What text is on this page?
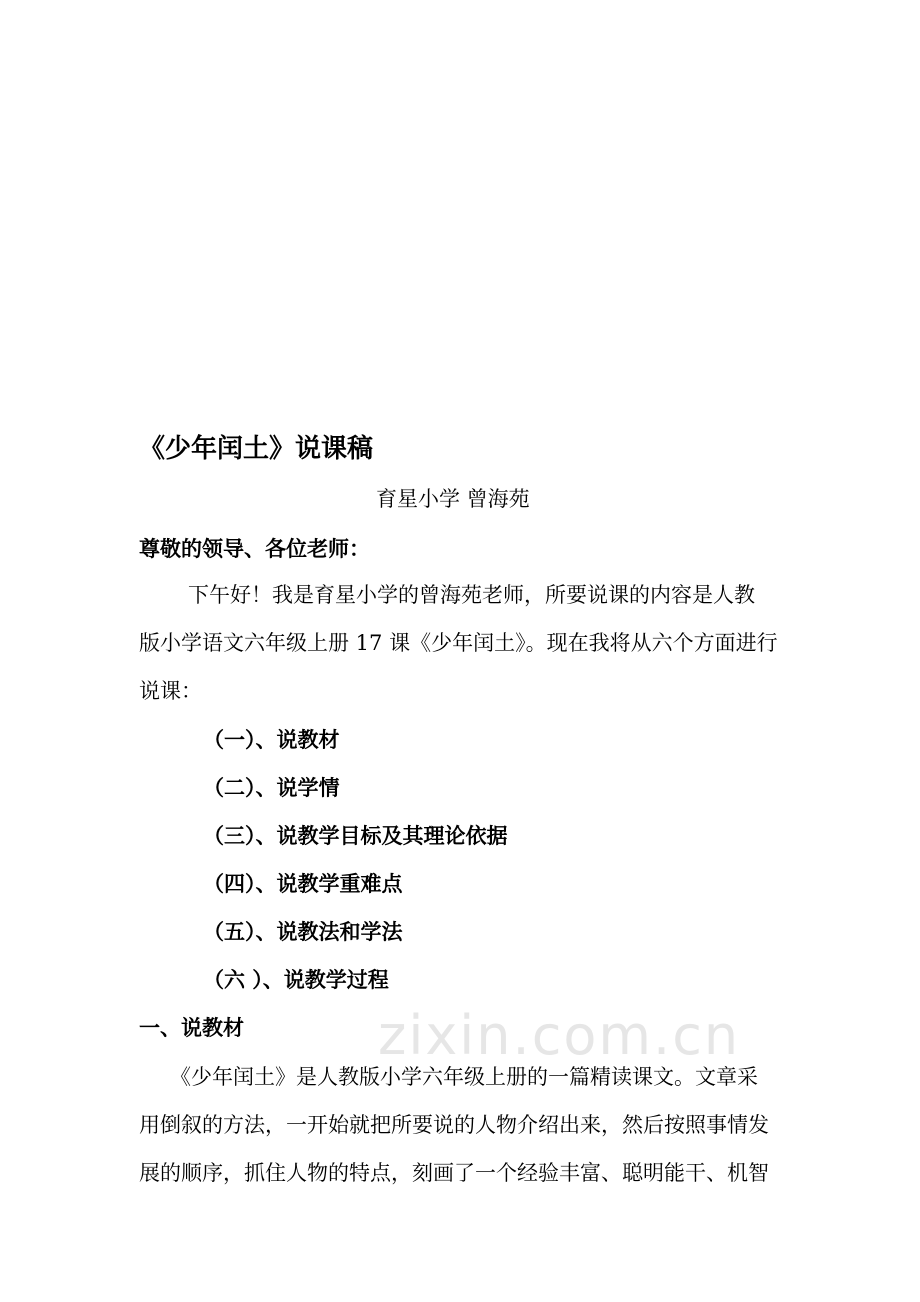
zixin.com.cn
《少年闰土》说课稿
育星小学 曾海苑
尊敬的领导、各位老师：
　下午好！我是育星小学的曾海苑老师，所要说课的内容是人教
版小学语文六年级上册 17 课《少年闰土》。现在我将从六个方面进行
说课：
（一）、说教材
（二）、说学情
（三）、说教学目标及其理论依据
（四）、说教学重难点
（五）、说教法和学法
（六 ）、说教学过程
一、说教材
《少年闰土》是人教版小学六年级上册的一篇精读课文。文章采
用倒叙的方法，一开始就把所要说的人物介绍出来，然后按照事情发
展的顺序，抓住人物的特点，刻画了一个经验丰富、聪明能干、机智
